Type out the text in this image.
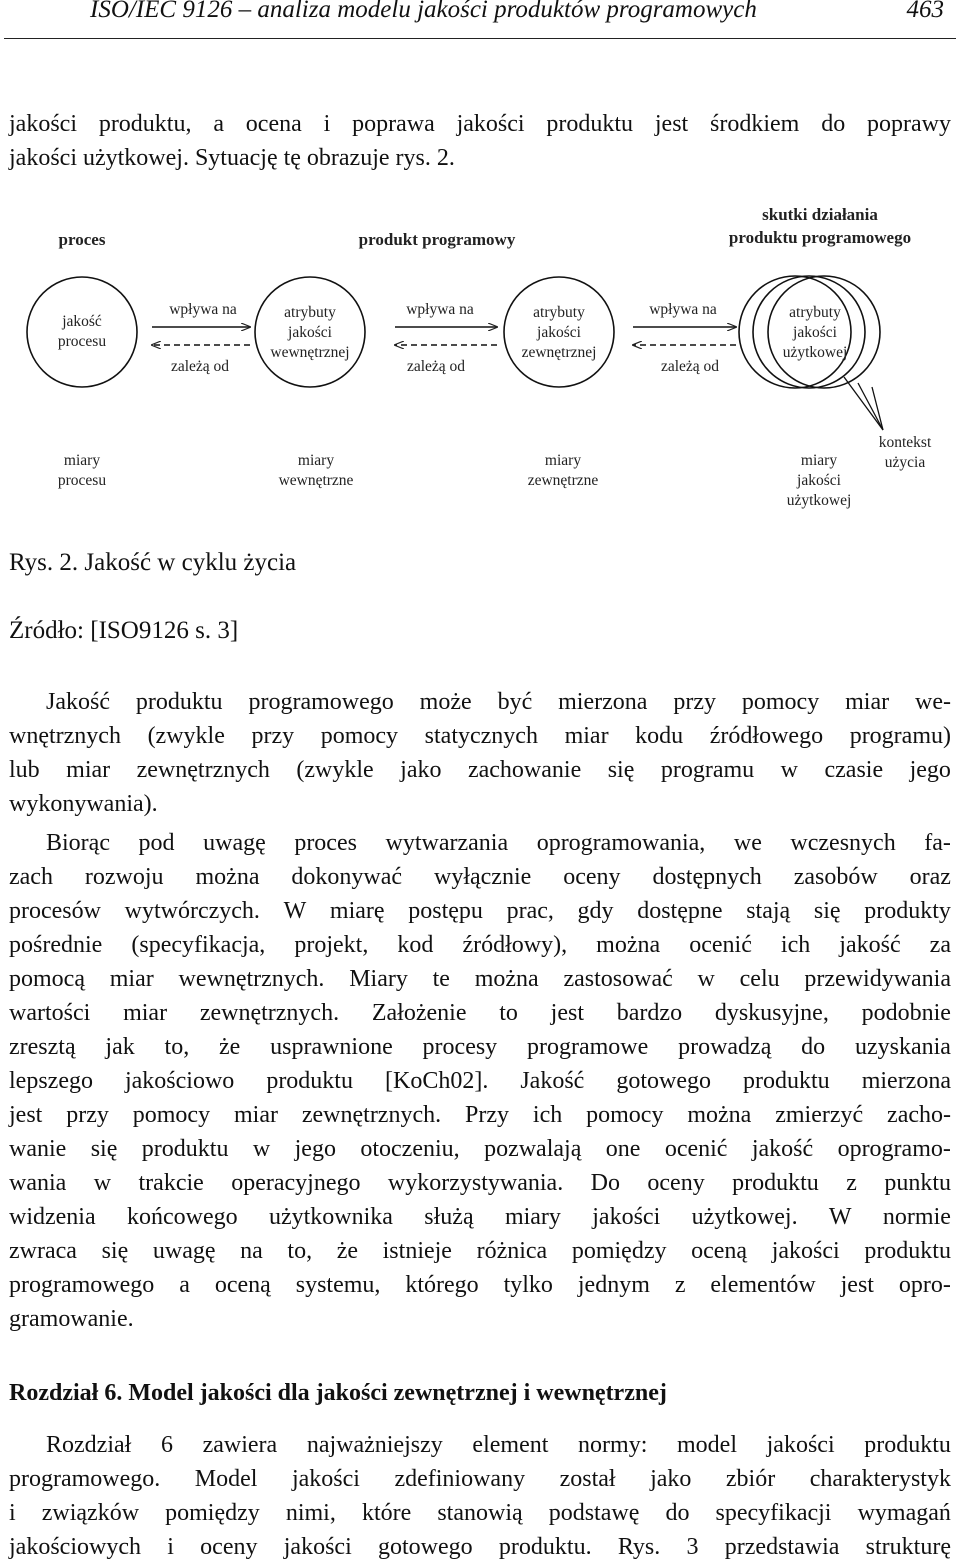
ISO/IEC 9126 – analiza modelu jakości produktów programowych	463
jakości produktu, a ocena i poprawa jakości produktu jest środkiem do poprawy
jakości użytkowej. Sytuację tę obrazuje rys. 2.
proces	produkt programowy
skutki działania
produktu programowego
jakość
procesu
atrybuty
jakości
wewnętrznej
atrybuty
jakości
zewnętrznej
atrybuty
jakości
użytkowej
wpływa na
zależą od
wpływa na
zależą od
wpływa na
zależą od
miary
procesu
miary
wewnętrzne
miary
zewnętrzne
miary
jakości
użytkowej
kontekst
użycia
Rys. 2. Jakość w cyklu życia
Źródło: [ISO9126 s. 3]
Jakość produktu programowego może być mierzona przy pomocy miar we-
wnętrznych (zwykle przy pomocy statycznych miar kodu źródłowego programu)
lub miar zewnętrznych (zwykle jako zachowanie się programu w czasie jego
wykonywania).
Biorąc pod uwagę proces wytwarzania oprogramowania, we wczesnych fa-
zach rozwoju można dokonywać wyłącznie oceny dostępnych zasobów oraz
procesów wytwórczych. W miarę postępu prac, gdy dostępne stają się produkty
pośrednie (specyfikacja, projekt, kod źródłowy), można ocenić ich jakość za
pomocą miar wewnętrznych. Miary te można zastosować w celu przewidywania
wartości miar zewnętrznych. Założenie to jest bardzo dyskusyjne, podobnie
zresztą jak to, że usprawnione procesy programowe prowadzą do uzyskania
lepszego jakościowo produktu [KoCh02]. Jakość gotowego produktu mierzona
jest przy pomocy miar zewnętrznych. Przy ich pomocy można zmierzyć zacho-
wanie się produktu w jego otoczeniu, pozwalają one ocenić jakość oprogramo-
wania w trakcie operacyjnego wykorzystywania. Do oceny produktu z punktu
widzenia końcowego użytkownika służą miary jakości użytkowej. W normie
zwraca się uwagę na to, że istnieje różnica pomiędzy oceną jakości produktu
programowego a oceną systemu, którego tylko jednym z elementów jest opro-
gramowanie.
Rozdział 6. Model jakości dla jakości zewnętrznej i wewnętrznej
Rozdział 6 zawiera najważniejszy element normy: model jakości produktu
programowego. Model jakości zdefiniowany został jako zbiór charakterystyk
i związków pomiędzy nimi, które stanowią podstawę do specyfikacji wymagań
jakościowych i oceny jakości gotowego produktu. Rys. 3 przedstawia strukturę
